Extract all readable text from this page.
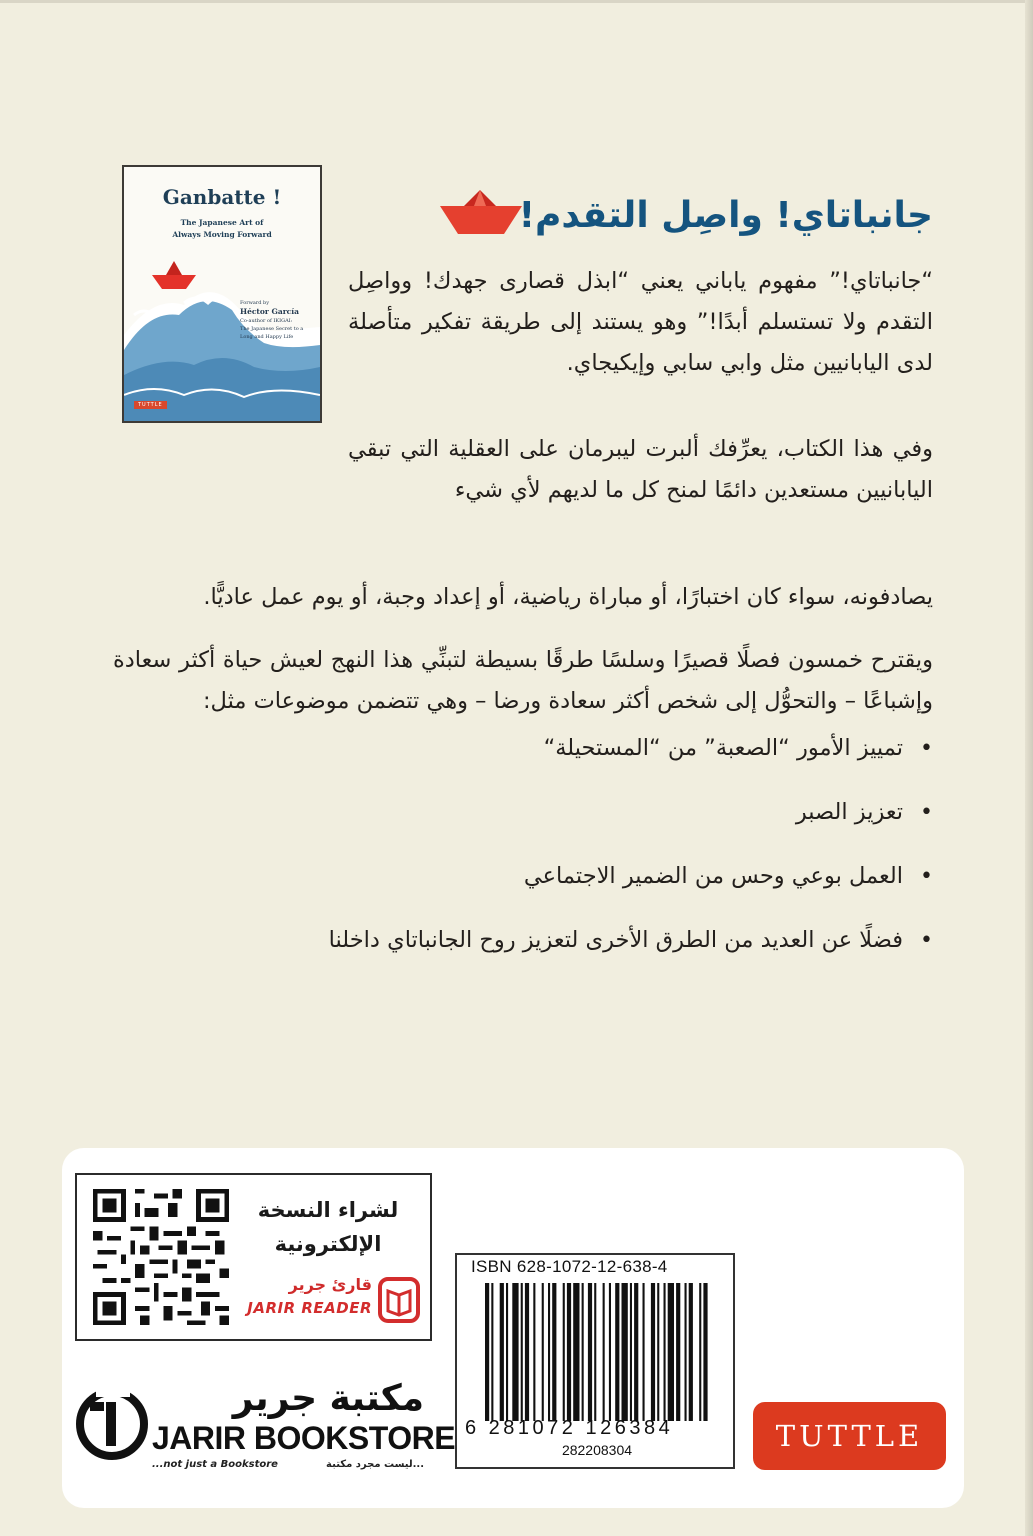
Ganbatte !
The Japanese Art of
Always Moving Forward
Forward by
Héctor García
Co-author of IKIGAI:
The Japanese Secret to a
Long and Happy Life
TUTTLE
جانباتاي! واصِل التقدم!
“جانباتاي!” مفهوم ياباني يعني “ابذل قصارى جهدك! وواصِل التقدم ولا تستسلم أبدًا!” وهو يستند إلى طريقة تفكير متأصلة لدى اليابانيين مثل وابي سابي وإيكيجاي.
وفي هذا الكتاب، يعرِّفك ألبرت ليبرمان على العقلية التي تبقي اليابانيين مستعدين دائمًا لمنح كل ما لديهم لأي شيء
يصادفونه، سواء كان اختبارًا، أو مباراة رياضية، أو إعداد وجبة، أو يوم عمل عاديًّا.
ويقترح خمسون فصلًا قصيرًا وسلسًا طرقًا بسيطة لتبنِّي هذا النهج لعيش حياة أكثر سعادة وإشباعًا – والتحوُّل إلى شخص أكثر سعادة ورضا – وهي تتضمن موضوعات مثل:
• تمييز الأمور “الصعبة” من “المستحيلة“
• تعزيز الصبر
• العمل بوعي وحس من الضمير الاجتماعي
• فضلًا عن العديد من الطرق الأخرى لتعزيز روح الجانباتاي داخلنا
لشراء النسخة
الإلكترونية
قارئ جرير
JARIR READER
مكتبة جرير
JARIR BOOKSTORE
...not just a Bookstore	...ليست مجرد مكتبة
ISBN 628-1072-12-638-4
6 281072 126384
282208304	TUTTLE
